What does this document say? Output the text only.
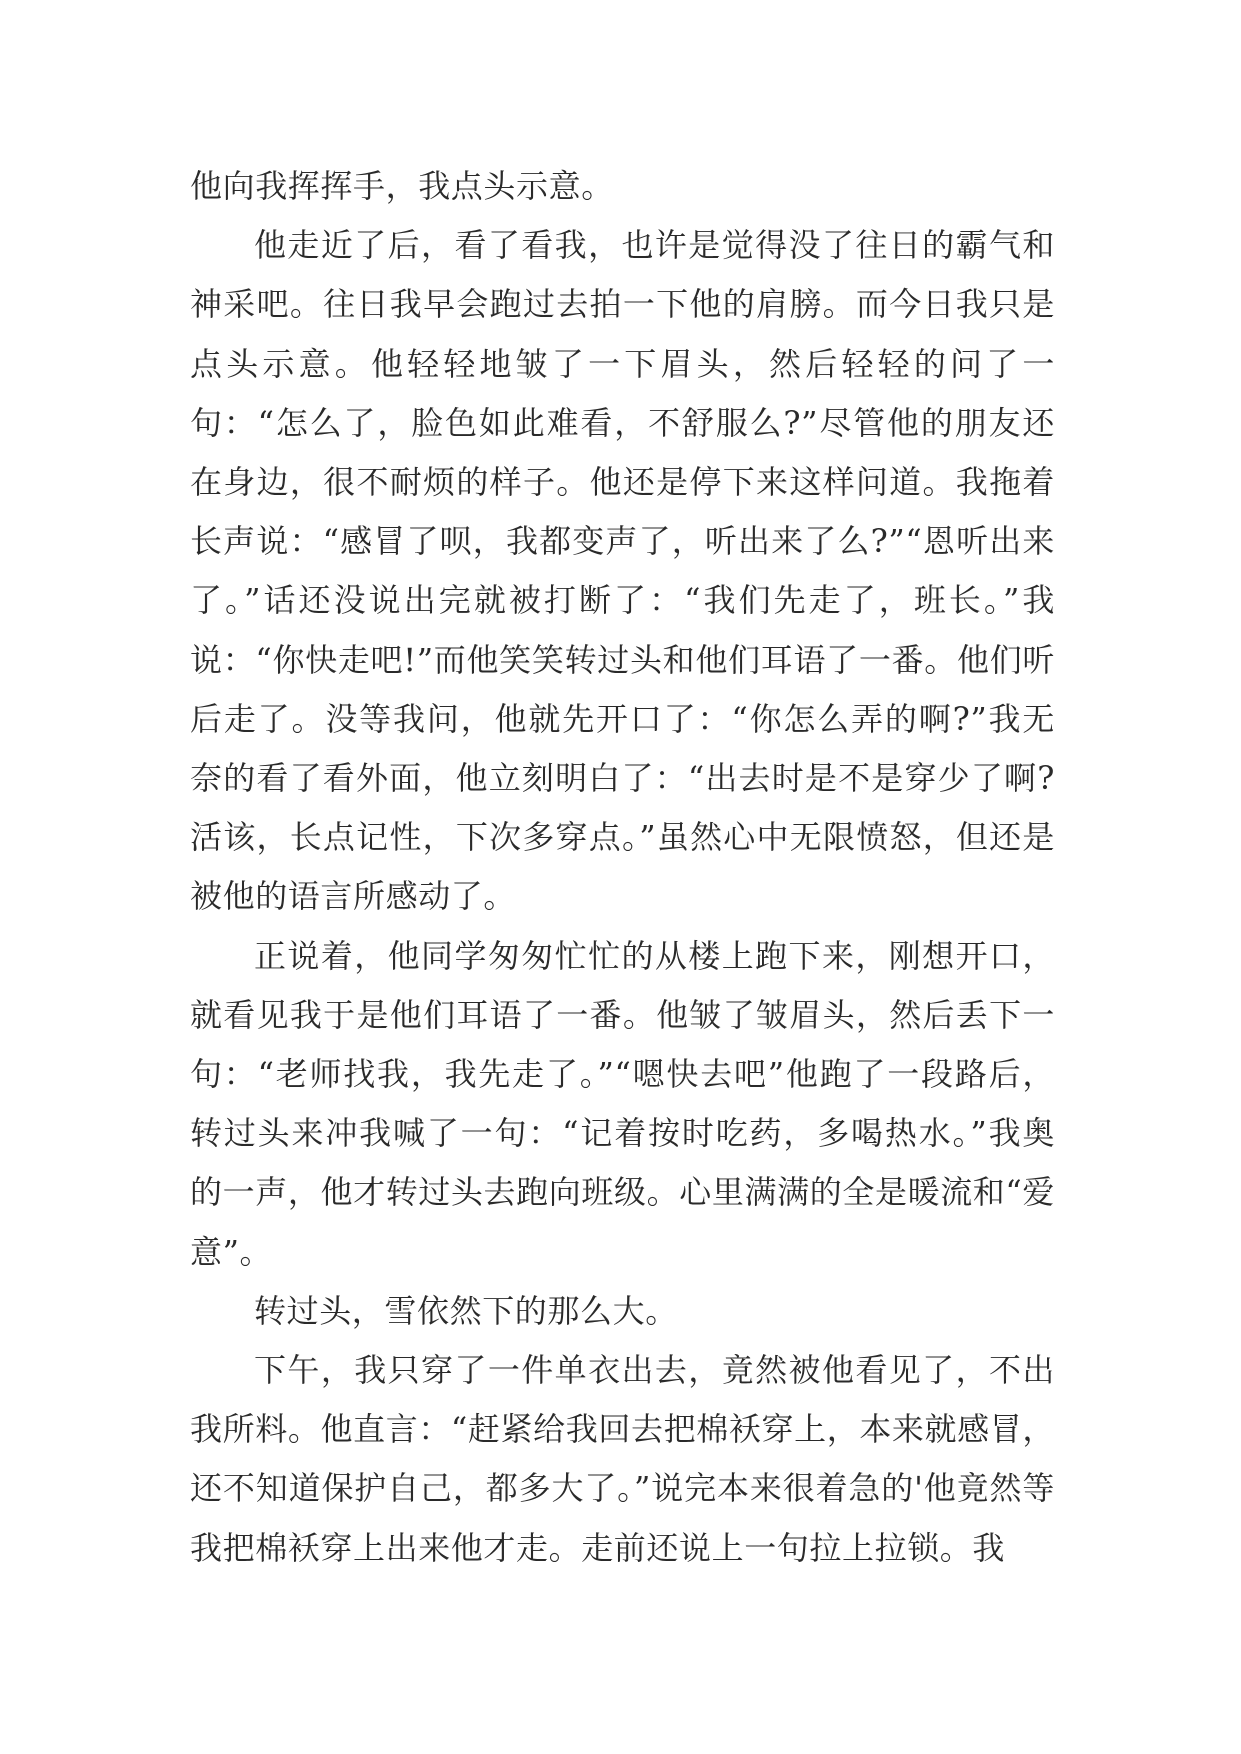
他向我挥挥手，我点头示意。

他走近了后，看了看我，也许是觉得没了往日的霸气和神采吧。往日我早会跑过去拍一下他的肩膀。而今日我只是点头示意。他轻轻地皱了一下眉头，然后轻轻的问了一句：“怎么了，脸色如此难看，不舒服么?”尽管他的朋友还在身边，很不耐烦的样子。他还是停下来这样问道。我拖着长声说：“感冒了呗，我都变声了，听出来了么?”“恩听出来了。”话还没说出完就被打断了：“我们先走了，班长。”我说：“你快走吧!”而他笑笑转过头和他们耳语了一番。他们听后走了。没等我问，他就先开口了：“你怎么弄的啊?”我无奈的看了看外面，他立刻明白了：“出去时是不是穿少了啊?活该，长点记性，下次多穿点。”虽然心中无限愤怒，但还是被他的语言所感动了。

正说着，他同学匆匆忙忙的从楼上跑下来，刚想开口，就看见我于是他们耳语了一番。他皱了皱眉头，然后丢下一句：“老师找我，我先走了。”“嗯快去吧”他跑了一段路后，转过头来冲我喊了一句：“记着按时吃药，多喝热水。”我奥的一声，他才转过头去跑向班级。心里满满的全是暖流和“爱意”。

转过头，雪依然下的那么大。

下午，我只穿了一件单衣出去，竟然被他看见了，不出我所料。他直言：“赶紧给我回去把棉袄穿上，本来就感冒，还不知道保护自己，都多大了。”说完本来很着急的'他竟然等我把棉袄穿上出来他才走。走前还说上一句拉上拉锁。我
